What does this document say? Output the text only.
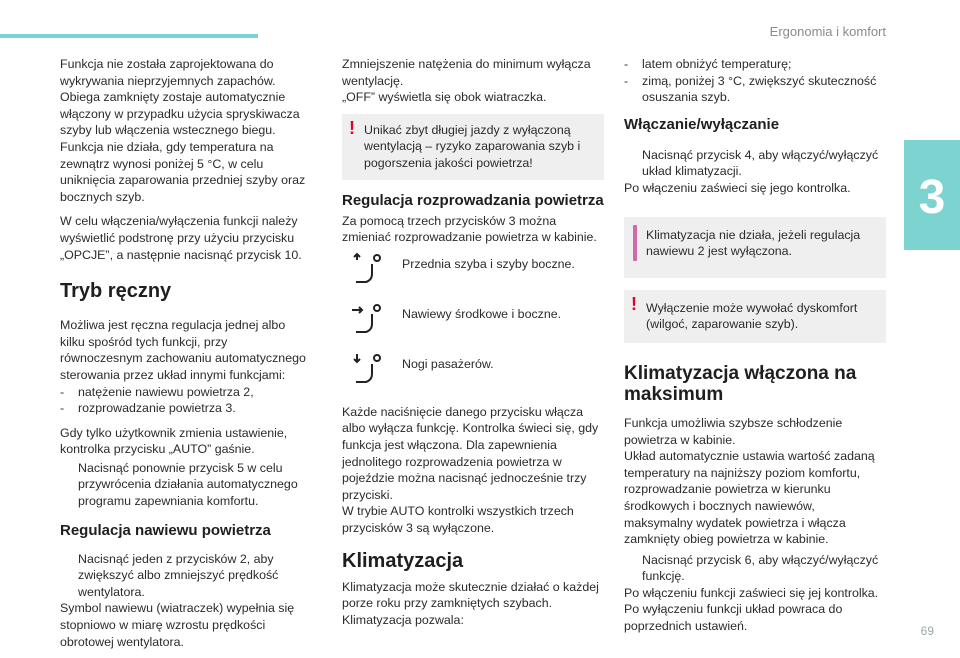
Ergonomia i komfort
3
69

Funkcja nie została zaprojektowana do wykrywania nieprzyjemnych zapachów. Obiega zamknięty zostaje automatycznie włączony w przypadku użycia spryskiwacza szyby lub włączenia wstecznego biegu. Funkcja nie działa, gdy temperatura na zewnątrz wynosi poniżej 5 °C, w celu uniknięcia zaparowania przedniej szyby oraz bocznych szyb.

W celu włączenia/wyłączenia funkcji należy wyświetlić podstronę przy użyciu przycisku „OPCJE”, a następnie nacisnąć przycisk 10.

Tryb ręczny

Możliwa jest ręczna regulacja jednej albo kilku spośród tych funkcji, przy równoczesnym zachowaniu automatycznego sterowania przez układ innymi funkcjami:

-	natężenie nawiewu powietrza 2,
-	rozprowadzanie powietrza 3.

Gdy tylko użytkownik zmienia ustawienie, kontrolka przycisku „AUTO” gaśnie.

Nacisnąć ponownie przycisk 5 w celu przywrócenia działania automatycznego programu zapewniania komfortu.
Regulacja nawiewu powietrza
Nacisnąć jeden z przycisków 2, aby zwiększyć albo zmniejszyć prędkość wentylatora.

Symbol nawiewu (wiatraczek) wypełnia się stopniowo w miarę wzrostu prędkości obrotowej wentylatora.

Zmniejszenie natężenia do minimum wyłącza wentylację.

„OFF” wyświetla się obok wiatraczka.

! Unikać zbyt długiej jazdy z wyłączoną wentylacją – ryzyko zaparowania szyb i pogorszenia jakości powietrza!
Regulacja rozprowadzania powietrza

Za pomocą trzech przycisków 3 można zmieniać rozprowadzanie powietrza w kabinie.

Przednia szyba i szyby boczne.
Nawiewy środkowe i boczne.
Nogi pasażerów.

Każde naciśnięcie danego przycisku włącza albo wyłącza funkcję. Kontrolka świeci się, gdy funkcja jest włączona. Dla zapewnienia jednolitego rozprowadzenia powietrza w pojeździe można nacisnąć jednocześnie trzy przyciski.

W trybie AUTO kontrolki wszystkich trzech przycisków 3 są wyłączone.

Klimatyzacja

Klimatyzacja może skutecznie działać o każdej porze roku przy zamkniętych szybach.

Klimatyzacja pozwala:

-	latem obniżyć temperaturę;
-	zimą, poniżej 3 °C, zwiększyć skuteczność osuszania szyb.
Włączanie/wyłączanie
Nacisnąć przycisk 4, aby włączyć/wyłączyć układ klimatyzacji.

Po włączeniu zaświeci się jego kontrolka.

Klimatyzacja nie działa, jeżeli regulacja nawiewu 2 jest wyłączona.
! Wyłączenie może wywołać dyskomfort (wilgoć, zaparowanie szyb).
Klimatyzacja włączona na maksimum

Funkcja umożliwia szybsze schłodzenie powietrza w kabinie.

Układ automatycznie ustawia wartość zadaną temperatury na najniższy poziom komfortu, rozprowadzanie powietrza w kierunku środkowych i bocznych nawiewów, maksymalny wydatek powietrza i włącza zamknięty obieg powietrza w kabinie.

Nacisnąć przycisk 6, aby włączyć/wyłączyć funkcję.

Po włączeniu funkcji zaświeci się jej kontrolka.

Po wyłączeniu funkcji układ powraca do poprzednich ustawień.
